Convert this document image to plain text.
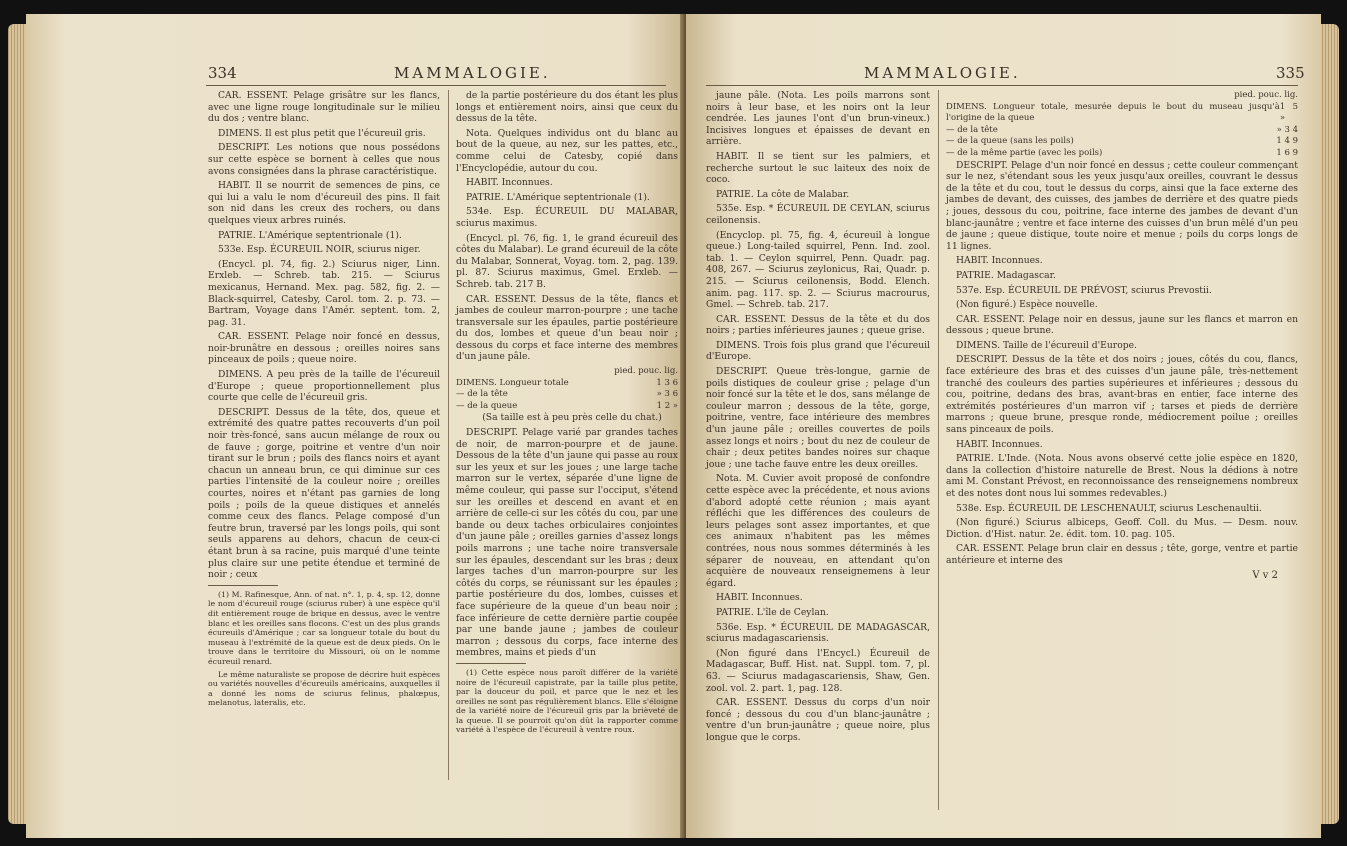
334	MAMMALOGIE.

CAR. ESSENT. Pelage grisâtre sur les flancs, avec une ligne rouge longitudinale sur le milieu du dos ; ventre blanc.

DIMENS. Il est plus petit que l'écureuil gris.

DESCRIPT. Les notions que nous possédons sur cette espèce se bornent à celles que nous avons consignées dans la phrase caractéristique.

HABIT. Il se nourrit de semences de pins, ce qui lui a valu le nom d'écureuil des pins. Il fait son nid dans les creux des rochers, ou dans quelques vieux arbres ruinés.

PATRIE. L'Amérique septentrionale (1).

533e. Esp. ÉCUREUIL NOIR, sciurus niger.

(Encycl. pl. 74, fig. 2.) Sciurus niger, Linn. Erxleb. — Schreb. tab. 215. — Sciurus mexicanus, Hernand. Mex. pag. 582, fig. 2. — Black-squirrel, Catesby, Carol. tom. 2. p. 73. — Bartram, Voyage dans l'Amér. septent. tom. 2, pag. 31.

CAR. ESSENT. Pelage noir foncé en dessus, noir-brunâtre en dessous ; oreilles noires sans pinceaux de poils ; queue noire.

DIMENS. A peu près de la taille de l'écureuil d'Europe ; queue proportionnellement plus courte que celle de l'écureuil gris.

DESCRIPT. Dessus de la tête, dos, queue et extrémité des quatre pattes recouverts d'un poil noir très-foncé, sans aucun mélange de roux ou de fauve ; gorge, poitrine et ventre d'un noir tirant sur le brun ; poils des flancs noirs et ayant chacun un anneau brun, ce qui diminue sur ces parties l'intensité de la couleur noire ; oreilles courtes, noires et n'étant pas garnies de long poils ; poils de la queue distiques et annelés comme ceux des flancs. Pelage composé d'un feutre brun, traversé par les longs poils, qui sont seuls apparens au dehors, chacun de ceux-ci étant brun à sa racine, puis marqué d'une teinte plus claire sur une petite étendue et terminé de noir ; ceux

(1) M. Rafinesque, Ann. of nat. n°. 1, p. 4, sp. 12, donne le nom d'écureuil rouge (sciurus ruber) à une espèce qu'il dit entièrement rouge de brique en dessus, avec le ventre blanc et les oreilles sans flocons. C'est un des plus grands écureuils d'Amérique ; car sa longueur totale du bout du museau à l'extrémité de la queue est de deux pieds. On le trouve dans le territoire du Missouri, où on le nomme écureuil renard.

Le même naturaliste se propose de décrire huit espèces ou variétés nouvelles d'écureuils américains, auxquelles il a donné les noms de sciurus felinus, phalœpus, melanotus, lateralis, etc.

de la partie postérieure du dos étant les plus longs et entièrement noirs, ainsi que ceux du dessus de la tête.

Nota. Quelques individus ont du blanc au bout de la queue, au nez, sur les pattes, etc., comme celui de Catesby, copié dans l'Encyclopédie, autour du cou.

HABIT. Inconnues.

PATRIE. L'Amérique septentrionale (1).

534e. Esp. ÉCUREUIL DU MALABAR, sciurus maximus.

(Encycl. pl. 76, fig. 1, le grand écureuil des côtes du Malabar). Le grand écureuil de la côte du Malabar, Sonnerat, Voyag. tom. 2, pag. 139. pl. 87. Sciurus maximus, Gmel. Erxleb. — Schreb. tab. 217 B.

CAR. ESSENT. Dessus de la tête, flancs et jambes de couleur marron-pourpre ; une tache transversale sur les épaules, partie postérieure du dos, lombes et queue d'un beau noir ; dessous du corps et face interne des membres d'un jaune pâle.

pied. pouc. lig.
DIMENS. Longueur totale	1 3 6
— de la tête	» 3 6
— de la queue	1 2 »

(Sa taille est à peu près celle du chat.)

DESCRIPT. Pelage varié par grandes taches de noir, de marron-pourpre et de jaune. Dessous de la tête d'un jaune qui passe au roux sur les yeux et sur les joues ; une large tache marron sur le vertex, séparée d'une ligne de même couleur, qui passe sur l'occiput, s'étend sur les oreilles et descend en avant et en arrière de celle-ci sur les côtés du cou, par une bande ou deux taches orbiculaires conjointes d'un jaune pâle ; oreilles garnies d'assez longs poils marrons ; une tache noire transversale sur les épaules, descendant sur les bras ; deux larges taches d'un marron-pourpre sur les côtés du corps, se réunissant sur les épaules ; partie postérieure du dos, lombes, cuisses et face supérieure de la queue d'un beau noir ; face inférieure de cette dernière partie coupée par une bande jaune ; jambes de couleur marron ; dessous du corps, face interne des membres, mains et pieds d'un

(1) Cette espèce nous paroît différer de la variété noire de l'écureuil capistrate, par la taille plus petite, par la douceur du poil, et parce que le nez et les oreilles ne sont pas régulièrement blancs. Elle s'éloigne de la variété noire de l'écureuil gris par la brièveté de la queue. Il se pourroit qu'on dût la rapporter comme variété à l'espèce de l'écureuil à ventre roux.

MAMMALOGIE.	335

jaune pâle. (Nota. Les poils marrons sont noirs à leur base, et les noirs ont la leur cendrée. Les jaunes l'ont d'un brun-vineux.) Incisives longues et épaisses de devant en arrière.

HABIT. Il se tient sur les palmiers, et recherche surtout le suc laiteux des noix de coco.

PATRIE. La côte de Malabar.

535e. Esp. * ÉCUREUIL DE CEYLAN, sciurus ceilonensis.

(Encyclop. pl. 75, fig. 4, écureuil à longue queue.) Long-tailed squirrel, Penn. Ind. zool. tab. 1. — Ceylon squirrel, Penn. Quadr. pag. 408, 267. — Sciurus zeylonicus, Rai, Quadr. p. 215. — Sciurus ceilonensis, Bodd. Elench. anim. pag. 117. sp. 2. — Sciurus macrourus, Gmel. — Schreb. tab. 217.

CAR. ESSENT. Dessus de la tête et du dos noirs ; parties inférieures jaunes ; queue grise.

DIMENS. Trois fois plus grand que l'écureuil d'Europe.

DESCRIPT. Queue très-longue, garnie de poils distiques de couleur grise ; pelage d'un noir foncé sur la tête et le dos, sans mélange de couleur marron ; dessous de la tête, gorge, poitrine, ventre, face intérieure des membres d'un jaune pâle ; oreilles couvertes de poils assez longs et noirs ; bout du nez de couleur de chair ; deux petites bandes noires sur chaque joue ; une tache fauve entre les deux oreilles.

Nota. M. Cuvier avoit proposé de confondre cette espèce avec la précédente, et nous avions d'abord adopté cette réunion ; mais ayant réfléchi que les différences des couleurs de leurs pelages sont assez importantes, et que ces animaux n'habitent pas les mêmes contrées, nous nous sommes déterminés à les séparer de nouveau, en attendant qu'on acquière de nouveaux renseignemens à leur égard.

HABIT. Inconnues.

PATRIE. L'île de Ceylan.

536e. Esp. * ÉCUREUIL DE MADAGASCAR, sciurus madagascariensis.

(Non figuré dans l'Encycl.) Écureuil de Madagascar, Buff. Hist. nat. Suppl. tom. 7, pl. 63. — Sciurus madagascariensis, Shaw, Gen. zool. vol. 2. part. 1, pag. 128.

CAR. ESSENT. Dessus du corps d'un noir foncé ; dessous du cou d'un blanc-jaunâtre ; ventre d'un brun-jaunâtre ; queue noire, plus longue que le corps.

pied. pouc. lig.
DIMENS. Longueur totale, mesurée depuis le bout du museau jusqu'à l'origine de la queue
1 5 »
— de la tête	» 3 4
— de la queue (sans les poils)	1 4 9
— de la même partie (avec les poils)	1 6 9

DESCRIPT. Pelage d'un noir foncé en dessus ; cette couleur commençant sur le nez, s'étendant sous les yeux jusqu'aux oreilles, couvrant le dessus de la tête et du cou, tout le dessus du corps, ainsi que la face externe des jambes de devant, des cuisses, des jambes de derrière et des quatre pieds ; joues, dessous du cou, poitrine, face interne des jambes de devant d'un blanc-jaunâtre ; ventre et face interne des cuisses d'un brun mêlé d'un peu de jaune ; queue distique, toute noire et menue ; poils du corps longs de 11 lignes.

HABIT. Inconnues.

PATRIE. Madagascar.

537e. Esp. ÉCUREUIL DE PRÉVOST, sciurus Prevostii.

(Non figuré.) Espèce nouvelle.

CAR. ESSENT. Pelage noir en dessus, jaune sur les flancs et marron en dessous ; queue brune.

DIMENS. Taille de l'écureuil d'Europe.

DESCRIPT. Dessus de la tête et dos noirs ; joues, côtés du cou, flancs, face extérieure des bras et des cuisses d'un jaune pâle, très-nettement tranché des couleurs des parties supérieures et inférieures ; dessous du cou, poitrine, dedans des bras, avant-bras en entier, face interne des extrémités postérieures d'un marron vif ; tarses et pieds de derrière marrons ; queue brune, presque ronde, médiocrement poilue ; oreilles sans pinceaux de poils.

HABIT. Inconnues.

PATRIE. L'Inde. (Nota. Nous avons observé cette jolie espèce en 1820, dans la collection d'histoire naturelle de Brest. Nous la dédions à notre ami M. Constant Prévost, en reconnoissance des renseignemens nombreux et des notes dont nous lui sommes redevables.)

538e. Esp. ÉCUREUIL DE LESCHENAULT, sciurus Leschenaultii.

(Non figuré.) Sciurus albiceps, Geoff. Coll. du Mus. — Desm. nouv. Diction. d'Hist. natur. 2e. édit. tom. 10. pag. 105.

CAR. ESSENT. Pelage brun clair en dessus ; tête, gorge, ventre et partie antérieure et interne des

V v 2
